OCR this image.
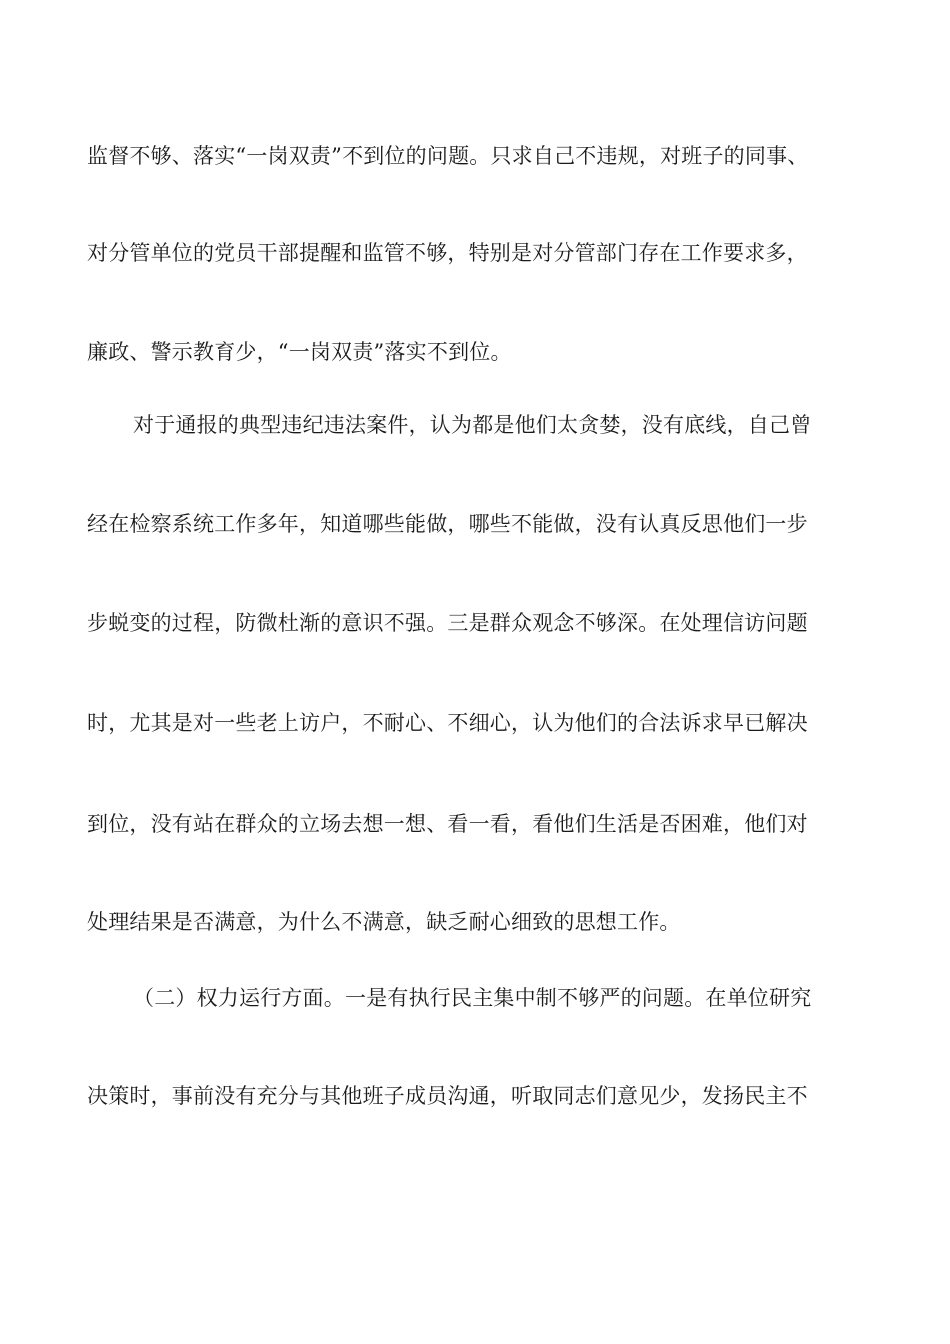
监督不够、落实“一岗双责”不到位的问题。只求自己不违规，对班子的同事、
对分管单位的党员干部提醒和监管不够，特别是对分管部门存在工作要求多，
廉政、警示教育少，“一岗双责”落实不到位。
对于通报的典型违纪违法案件，认为都是他们太贪婪，没有底线，自己曾
经在检察系统工作多年，知道哪些能做，哪些不能做，没有认真反思他们一步
步蜕变的过程，防微杜渐的意识不强。三是群众观念不够深。在处理信访问题
时，尤其是对一些老上访户，不耐心、不细心，认为他们的合法诉求早已解决
到位，没有站在群众的立场去想一想、看一看，看他们生活是否困难，他们对
处理结果是否满意，为什么不满意，缺乏耐心细致的思想工作。
（二）权力运行方面。一是有执行民主集中制不够严的问题。在单位研究
决策时，事前没有充分与其他班子成员沟通，听取同志们意见少，发扬民主不
